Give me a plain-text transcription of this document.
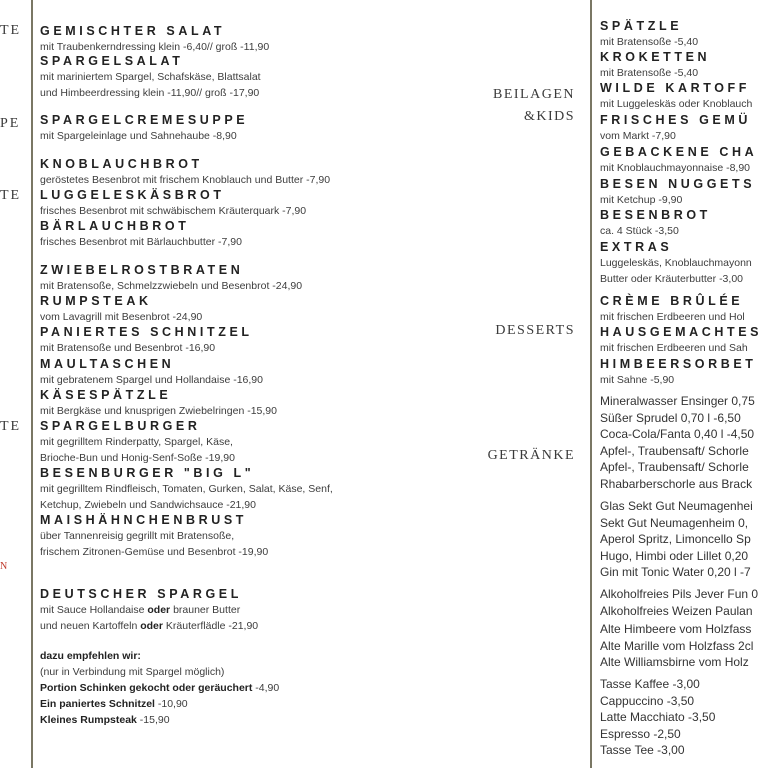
TE
PE
TE
TE
N
GEMISCHTER SALAT
mit Traubenkerndressing klein -6,40// groß -11,90
SPARGELSALAT
mit mariniertem Spargel, Schafskäse, Blattsalat
und Himbeerdressing klein -11,90// groß -17,90
SPARGELCREMESUPPE
mit Spargeleinlage und Sahnehaube -8,90
KNOBLAUCHBROT
geröstetes Besenbrot mit frischem Knoblauch und Butter -7,90
LUGGELESKÄSBROT
frisches Besenbrot mit schwäbischem Kräuterquark -7,90
BÄRLAUCHBROT
frisches Besenbrot mit Bärlauchbutter -7,90
ZWIEBELROSTBRATEN
mit Bratensoße, Schmelzzwiebeln und Besenbrot -24,90
RUMPSTEAK
vom Lavagrill mit Besenbrot -24,90
PANIERTES SCHNITZEL
mit Bratensoße und Besenbrot -16,90
MAULTASCHEN
mit gebratenem Spargel und Hollandaise -16,90
KÄSESPÄTZLE
mit Bergkäse und knusprigen Zwiebelringen -15,90
SPARGELBURGER
mit gegrilltem Rinderpatty, Spargel, Käse,
Brioche-Bun und Honig-Senf-Soße -19,90
BESENBURGER "BIG L"
mit gegrilltem Rindfleisch, Tomaten, Gurken, Salat, Käse, Senf,
Ketchup, Zwiebeln und Sandwichsauce -21,90
MAISHÄHNCHENBRUST
über Tannenreisig gegrillt mit Bratensoße,
frischem Zitronen-Gemüse und Besenbrot -19,90
DEUTSCHER SPARGEL
mit Sauce Hollandaise oder brauner Butter
und neuen Kartoffeln oder Kräuterflädle -21,90
dazu empfehlen wir:
(nur in Verbindung mit Spargel möglich)
Portion Schinken gekocht oder geräuchert -4,90
Ein paniertes Schnitzel -10,90
Kleines Rumpsteak -15,90
BEILAGEN
&KIDS
DESSERTS
GETRÄNKE
SPÄTZLE
mit Bratensoße -5,40
KROKETTEN
mit Bratensoße -5,40
WILDE KARTOFF
mit Luggeleskäs oder Knoblauch
FRISCHES GEMÜ
vom Markt -7,90
GEBACKENE CHA
mit Knoblauchmayonnaise -8,90
BESEN NUGGETS
mit Ketchup -9,90
BESENBROT
ca. 4 Stück -3,50
EXTRAS
Luggeleskäs, Knoblauchmayonn
Butter oder Kräuterbutter -3,00
CRÈME BRÛLÉE
mit frischen Erdbeeren und Hol
HAUSGEMACHTES
mit frischen Erdbeeren und Sah
HIMBEERSORBET
mit Sahne -5,90
Mineralwasser Ensinger 0,75
Süßer Sprudel 0,70 l -6,50
Coca-Cola/Fanta 0,40 l -4,50
Apfel-, Traubensaft/ Schorle
Apfel-, Traubensaft/ Schorle
Rhabarberschorle aus Brack
Glas Sekt Gut Neumagenhei
Sekt Gut Neumagenheim 0,
Aperol Spritz, Limoncello Sp
Hugo, Himbi oder Lillet 0,20
Gin mit Tonic Water 0,20 l -7
Alkoholfreies Pils Jever Fun 0
Alkoholfreies Weizen Paulan
Alte Himbeere vom Holzfass
Alte Marille vom Holzfass 2cl
Alte Williamsbirne vom Holz
Tasse Kaffee -3,00
Cappuccino -3,50
Latte Macchiato -3,50
Espresso -2,50
Tasse Tee -3,00
